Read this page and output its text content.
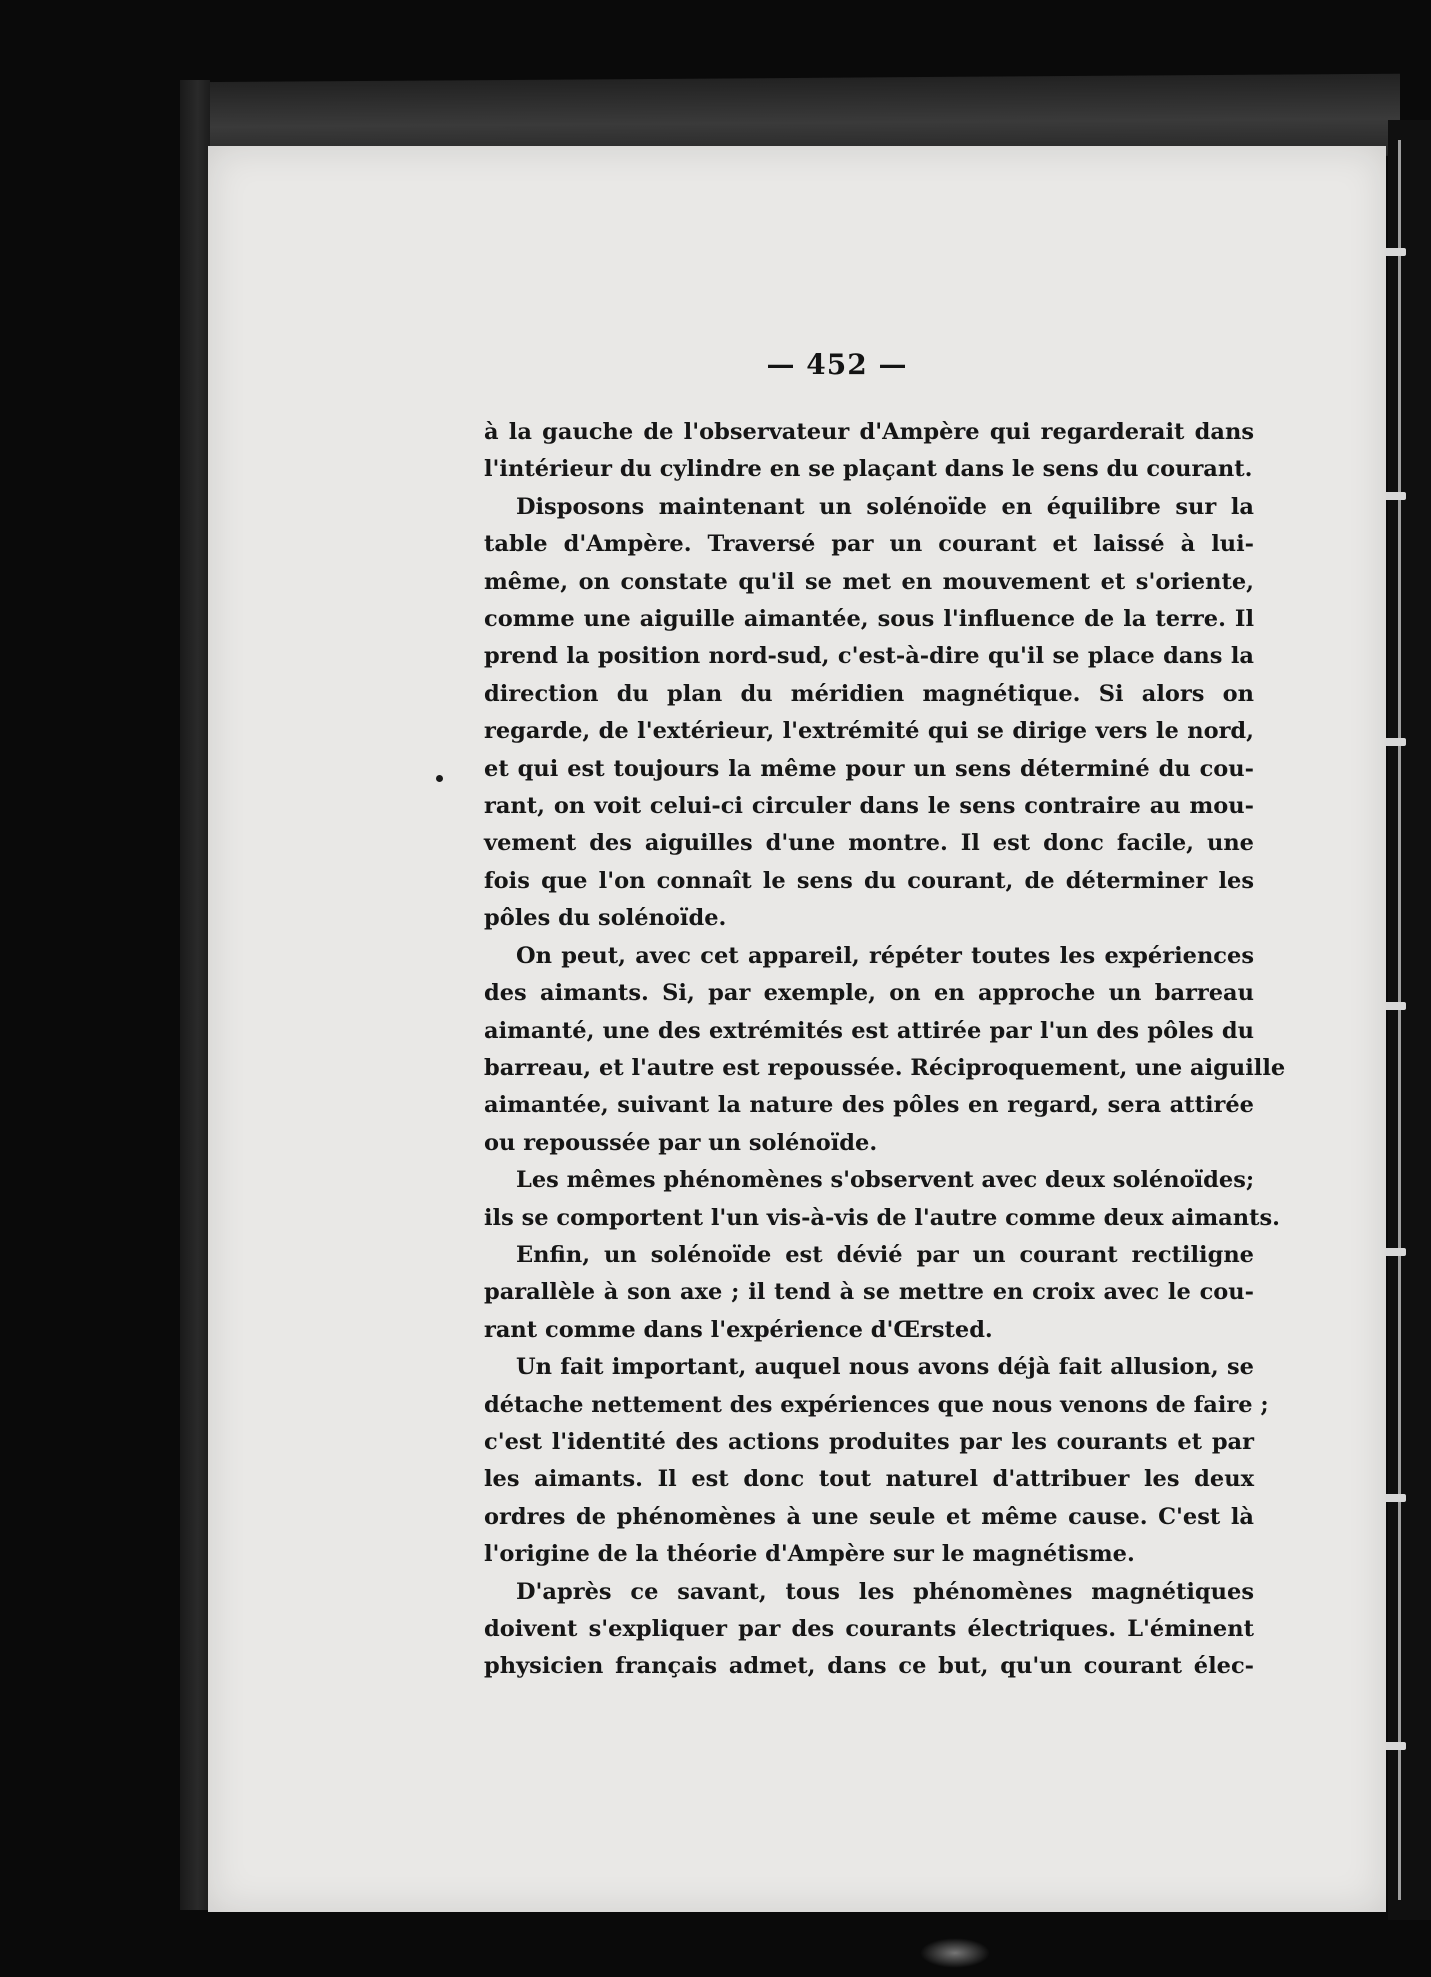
— 452 —
à la gauche de l'observateur d'Ampère qui regarderait dans
l'intérieur du cylindre en se plaçant dans le sens du courant.
Disposons maintenant un solénoïde en équilibre sur la
table d'Ampère. Traversé par un courant et laissé à lui-
même, on constate qu'il se met en mouvement et s'oriente,
comme une aiguille aimantée, sous l'influence de la terre. Il
prend la position nord-sud, c'est-à-dire qu'il se place dans la
direction du plan du méridien magnétique. Si alors on
regarde, de l'extérieur, l'extrémité qui se dirige vers le nord,
et qui est toujours la même pour un sens déterminé du cou-
rant, on voit celui-ci circuler dans le sens contraire au mou-
vement des aiguilles d'une montre. Il est donc facile, une
fois que l'on connaît le sens du courant, de déterminer les
pôles du solénoïde.
On peut, avec cet appareil, répéter toutes les expériences
des aimants. Si, par exemple, on en approche un barreau
aimanté, une des extrémités est attirée par l'un des pôles du
barreau, et l'autre est repoussée. Réciproquement, une aiguille
aimantée, suivant la nature des pôles en regard, sera attirée
ou repoussée par un solénoïde.
Les mêmes phénomènes s'observent avec deux solénoïdes;
ils se comportent l'un vis-à-vis de l'autre comme deux aimants.
Enfin, un solénoïde est dévié par un courant rectiligne
parallèle à son axe ; il tend à se mettre en croix avec le cou-
rant comme dans l'expérience d'Œrsted.
Un fait important, auquel nous avons déjà fait allusion, se
détache nettement des expériences que nous venons de faire ;
c'est l'identité des actions produites par les courants et par
les aimants. Il est donc tout naturel d'attribuer les deux
ordres de phénomènes à une seule et même cause. C'est là
l'origine de la théorie d'Ampère sur le magnétisme.
D'après ce savant, tous les phénomènes magnétiques
doivent s'expliquer par des courants électriques. L'éminent
physicien français admet, dans ce but, qu'un courant élec-
